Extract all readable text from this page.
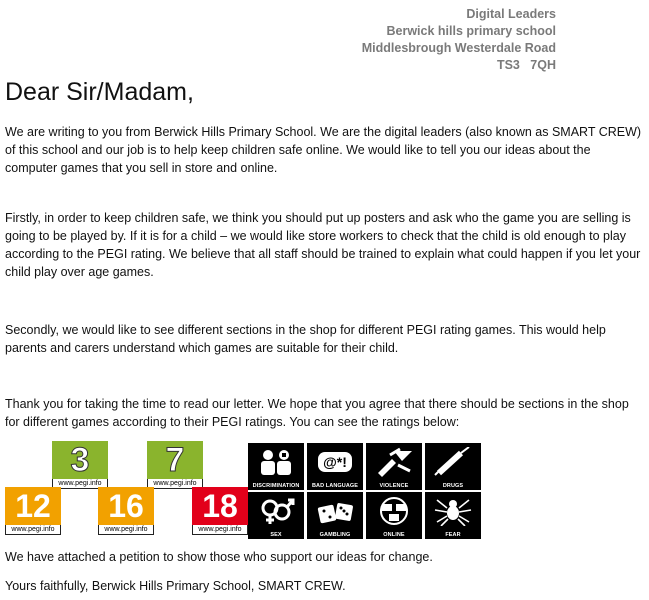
Digital Leaders
Berwick hills primary school
Middlesbrough Westerdale Road
TS3   7QH
Dear Sir/Madam,
We are writing to you from Berwick Hills Primary School. We are the digital leaders (also known as SMART CREW) of this school and our job is to help keep children safe online. We would like to tell you our ideas about the computer games that you sell in store and online.
Firstly, in order to keep children safe, we think you should put up posters and ask who the game you are selling is going to be played by. If it is for a child – we would like store workers to check that the child is old enough to play according to the PEGI rating. We believe that all staff should be trained to explain what could happen if you let your child play over age games.
Secondly, we would like to see different sections in the shop for different PEGI rating games. This would help parents and carers understand which games are suitable for their child.
Thank you for taking the time to read our letter. We hope that you agree that there should be sections in the shop for different games according to their PEGI ratings. You can see the ratings below:
3
www.pegi.info
7
www.pegi.info
12
www.pegi.info
16
www.pegi.info
18
www.pegi.info
DISCRIMINATION
@*!
BAD LANGUAGE	VIOLENCE	DRUGS
SEX	GAMBLING	ONLINE	FEAR
We have attached a petition to show those who support our ideas for change.
Yours faithfully, Berwick Hills Primary School, SMART CREW.
